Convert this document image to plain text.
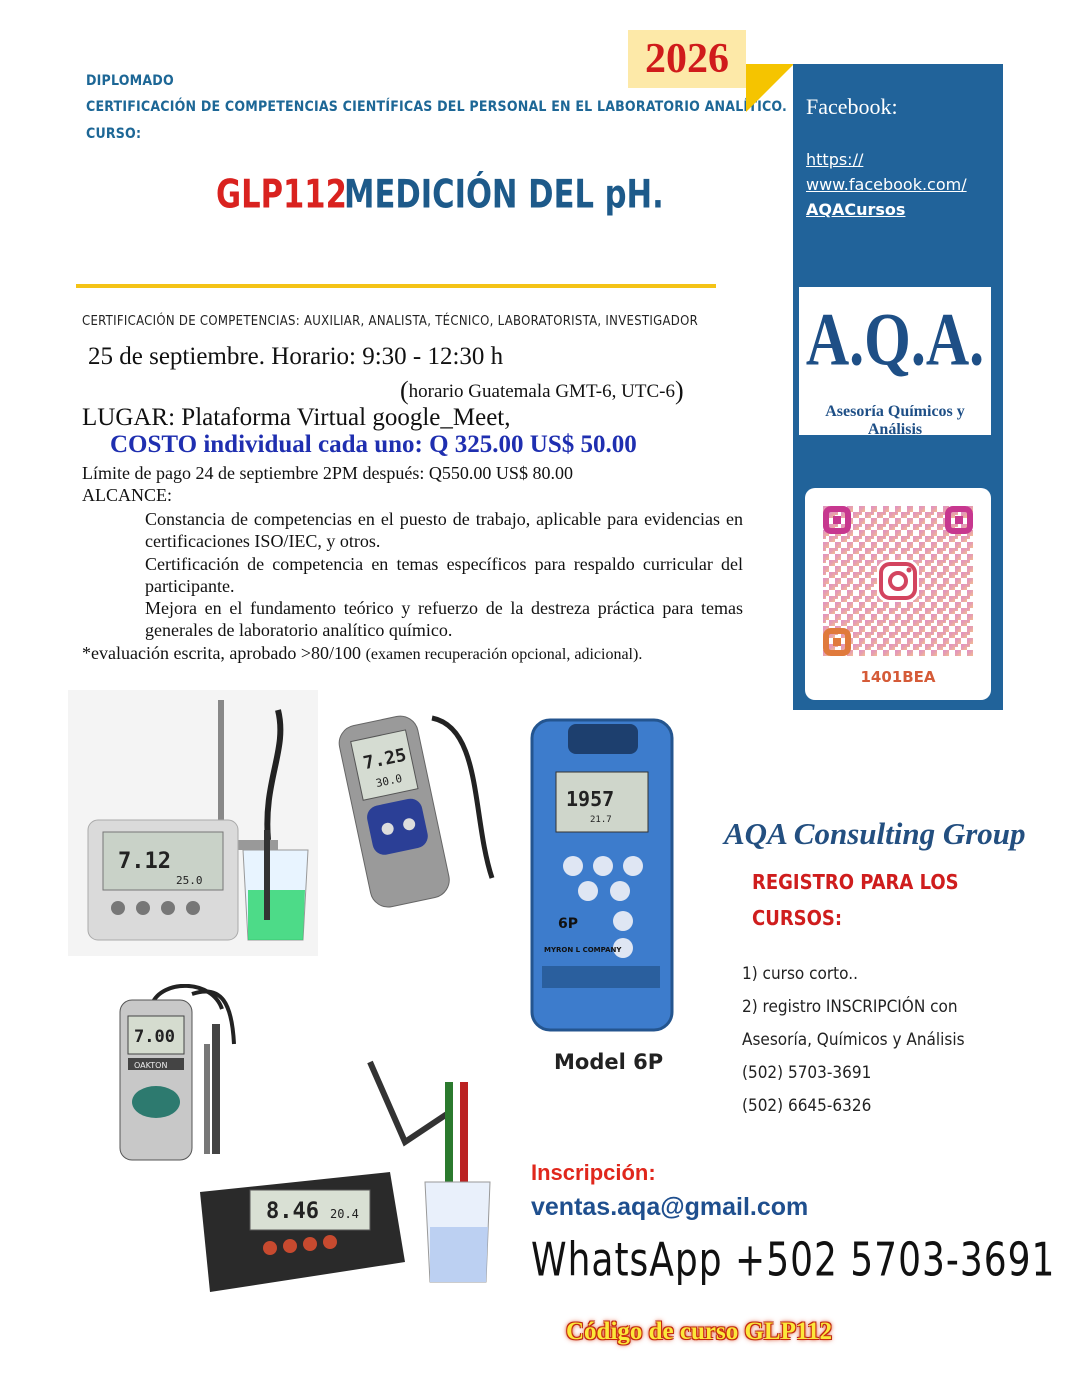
DIPLOMADO
CERTIFICACIÓN DE COMPETENCIAS CIENTÍFICAS DEL PERSONAL EN EL LABORATORIO ANALÍTICO.
CURSO:
2026
GLP112
MEDICIÓN DEL pH.
Facebook:
https://
www.facebook.com/
AQACursos
A.Q.A.
Asesoría Químicos y Análisis
1401BEA
CERTIFICACIÓN DE COMPETENCIAS: AUXILIAR, ANALISTA, TÉCNICO, LABORATORISTA, INVESTIGADOR
25 de septiembre. Horario: 9:30 - 12:30 h
(horario Guatemala GMT-6, UTC-6)
LUGAR: Plataforma Virtual google_Meet,
COSTO individual cada uno: Q 325.00 US$ 50.00
Límite de pago 24 de septiembre 2PM después: Q550.00 US$ 80.00
ALCANCE:
Constancia de competencias en el puesto de trabajo, aplicable para evidencias en certificaciones ISO/IEC, y otros.
Certificación de competencia en temas específicos para respaldo curricular del participante.
Mejora en el fundamento teórico y refuerzo de la destreza práctica para temas generales de laboratorio analítico químico.
*evaluación escrita, aprobado >80/100 (examen recuperación opcional, adicional).
7.12
25.0
7.25
30.0
1957
21.7
6P
MYRON L COMPANY
Model 6P
7.00
OAKTON
8.46 20.4
AQA Consulting Group
REGISTRO PARA LOS
CURSOS:
1) curso corto..
2) registro INSCRIPCIÓN con
Asesoría, Químicos y Análisis
(502) 5703-3691
(502) 6645-6326
Inscripción:
ventas.aqa@gmail.com
WhatsApp +502 5703-3691
Código de curso GLP112
